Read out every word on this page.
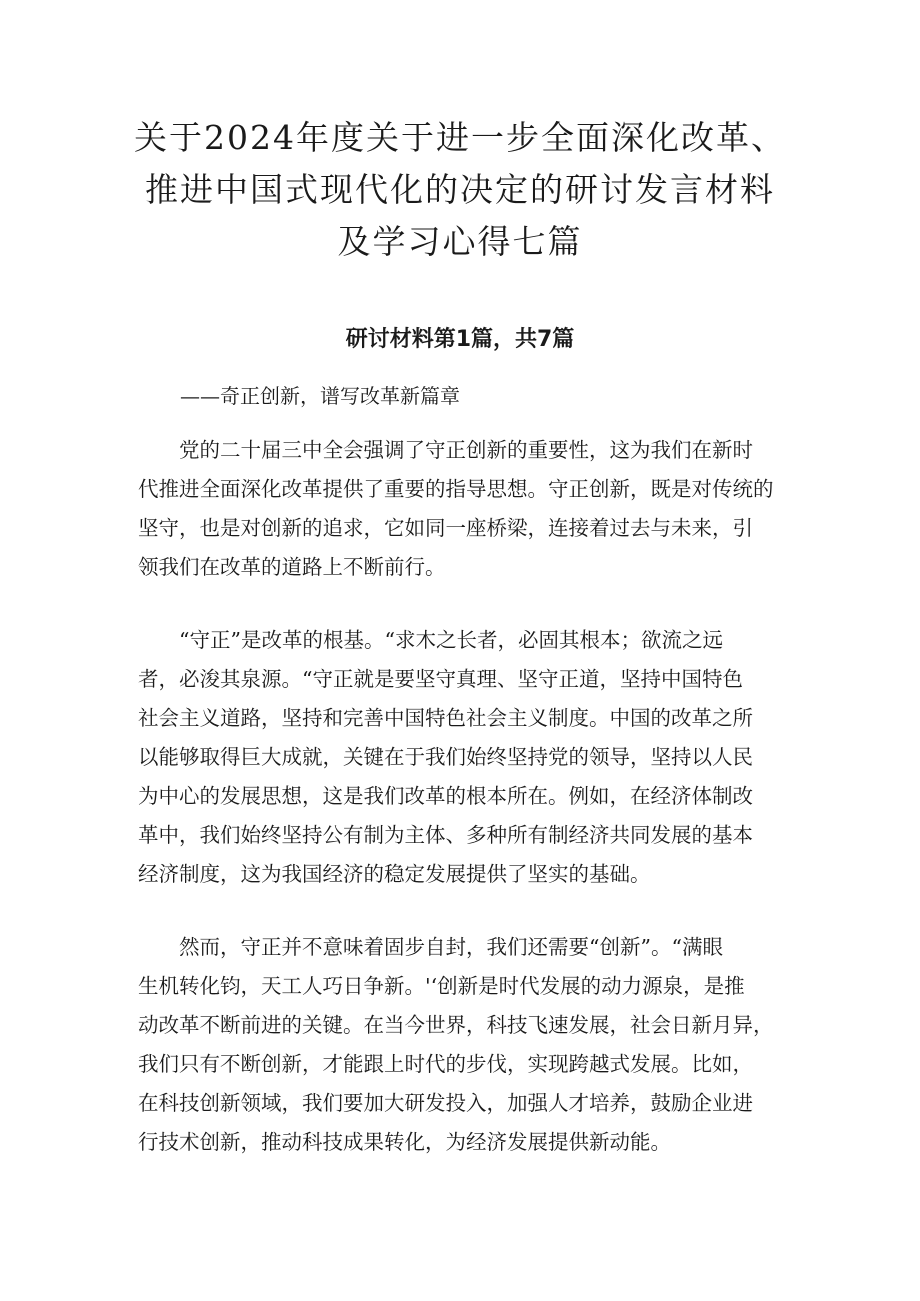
关于2024年度关于进一步全面深化改革、
推进中国式现代化的决定的研讨发言材料
及学习心得七篇
研讨材料第1篇，共7篇

——奇正创新，谱写改革新篇章

　　党的二十届三中全会强调了守正创新的重要性，这为我们在新时
代推进全面深化改革提供了重要的指导思想。守正创新，既是对传统的
坚守，也是对创新的追求，它如同一座桥梁，连接着过去与未来，引
领我们在改革的道路上不断前行。

　　“守正”是改革的根基。“求木之长者，必固其根本；欲流之远
者，必浚其泉源。“守正就是要坚守真理、坚守正道，坚持中国特色
社会主义道路，坚持和完善中国特色社会主义制度。中国的改革之所
以能够取得巨大成就，关键在于我们始终坚持党的领导，坚持以人民
为中心的发展思想，这是我们改革的根本所在。例如，在经济体制改
革中，我们始终坚持公有制为主体、多种所有制经济共同发展的基本
经济制度，这为我国经济的稳定发展提供了坚实的基础。

　　然而，守正并不意味着固步自封，我们还需要“创新”。“满眼
生机转化钧，天工人巧日争新。'‘创新是时代发展的动力源泉，是推
动改革不断前进的关键。在当今世界，科技飞速发展，社会日新月异，
我们只有不断创新，才能跟上时代的步伐，实现跨越式发展。比如，
在科技创新领域，我们要加大研发投入，加强人才培养，鼓励企业进
行技术创新，推动科技成果转化，为经济发展提供新动能。
